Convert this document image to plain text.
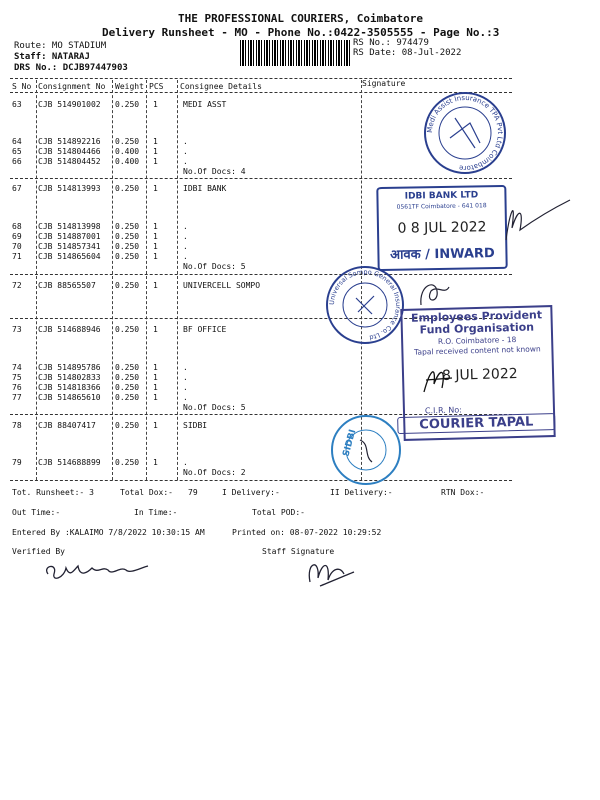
THE PROFESSIONAL COURIERS, Coimbatore
Delivery Runsheet - MO - Phone No.:0422-3505555 - Page No.:3
Route: MO STADIUM
Staff: NATARAJ
DRS No.: DCJB97447903
RS No.: 974479
RS Date: 08-Jul-2022
S No Consignment No Weight PCS Consignee Details	Signature
63 CJB 514901002 0.250 1	MEDI ASST
64 CJB 514892216 0.250 1	.
65 CJB 514804466 0.400 1	.
66 CJB 514804452 0.400 1	.
No.Of Docs: 4
67 CJB 514813993 0.250 1	IDBI BANK
68 CJB 514813998 0.250 1	.
69 CJB 514887001 0.250 1	.
70 CJB 514857341 0.250 1	.
71 CJB 514865604 0.250 1	.
No.Of Docs: 5
72 CJB 88565507 0.250 1	UNIVERCELL SOMPO
73 CJB 514688946 0.250 1	BF OFFICE
74 CJB 514895786 0.250 1	.
75 CJB 514802833 0.250 1	.
76 CJB 514818366 0.250 1	.
77 CJB 514865610 0.250 1	.
No.Of Docs: 5
78 CJB 88407417 0.250 1	SIDBI
79 CJB 514688899 0.250 1	.
No.Of Docs: 2
Tot. Runsheet:- 3	Total Dox:- 79	I Delivery:-	II Delivery:-	RTN Dox:-
Out Time:-	In Time:-	Total POD:-
Entered By :KALAIMO 7/8/2022 10:30:15 AM	Printed on: 08-07-2022 10:29:52
Verified By	Staff Signature
Medi Assist Insurance TPA Pvt Ltd Coimbatore
IDBI BANK LTD
0561TF Coimbatore - 641 018
0 8 JUL 2022
आवक / INWARD
Universal Sompo General Insurance Co. Ltd
Employees Provident
Fund Organisation
R.O. Coimbatore - 18
Tapal received content not known
8 JUL 2022
C.I.R. No:
COURIER TAPAL
SIDBI
